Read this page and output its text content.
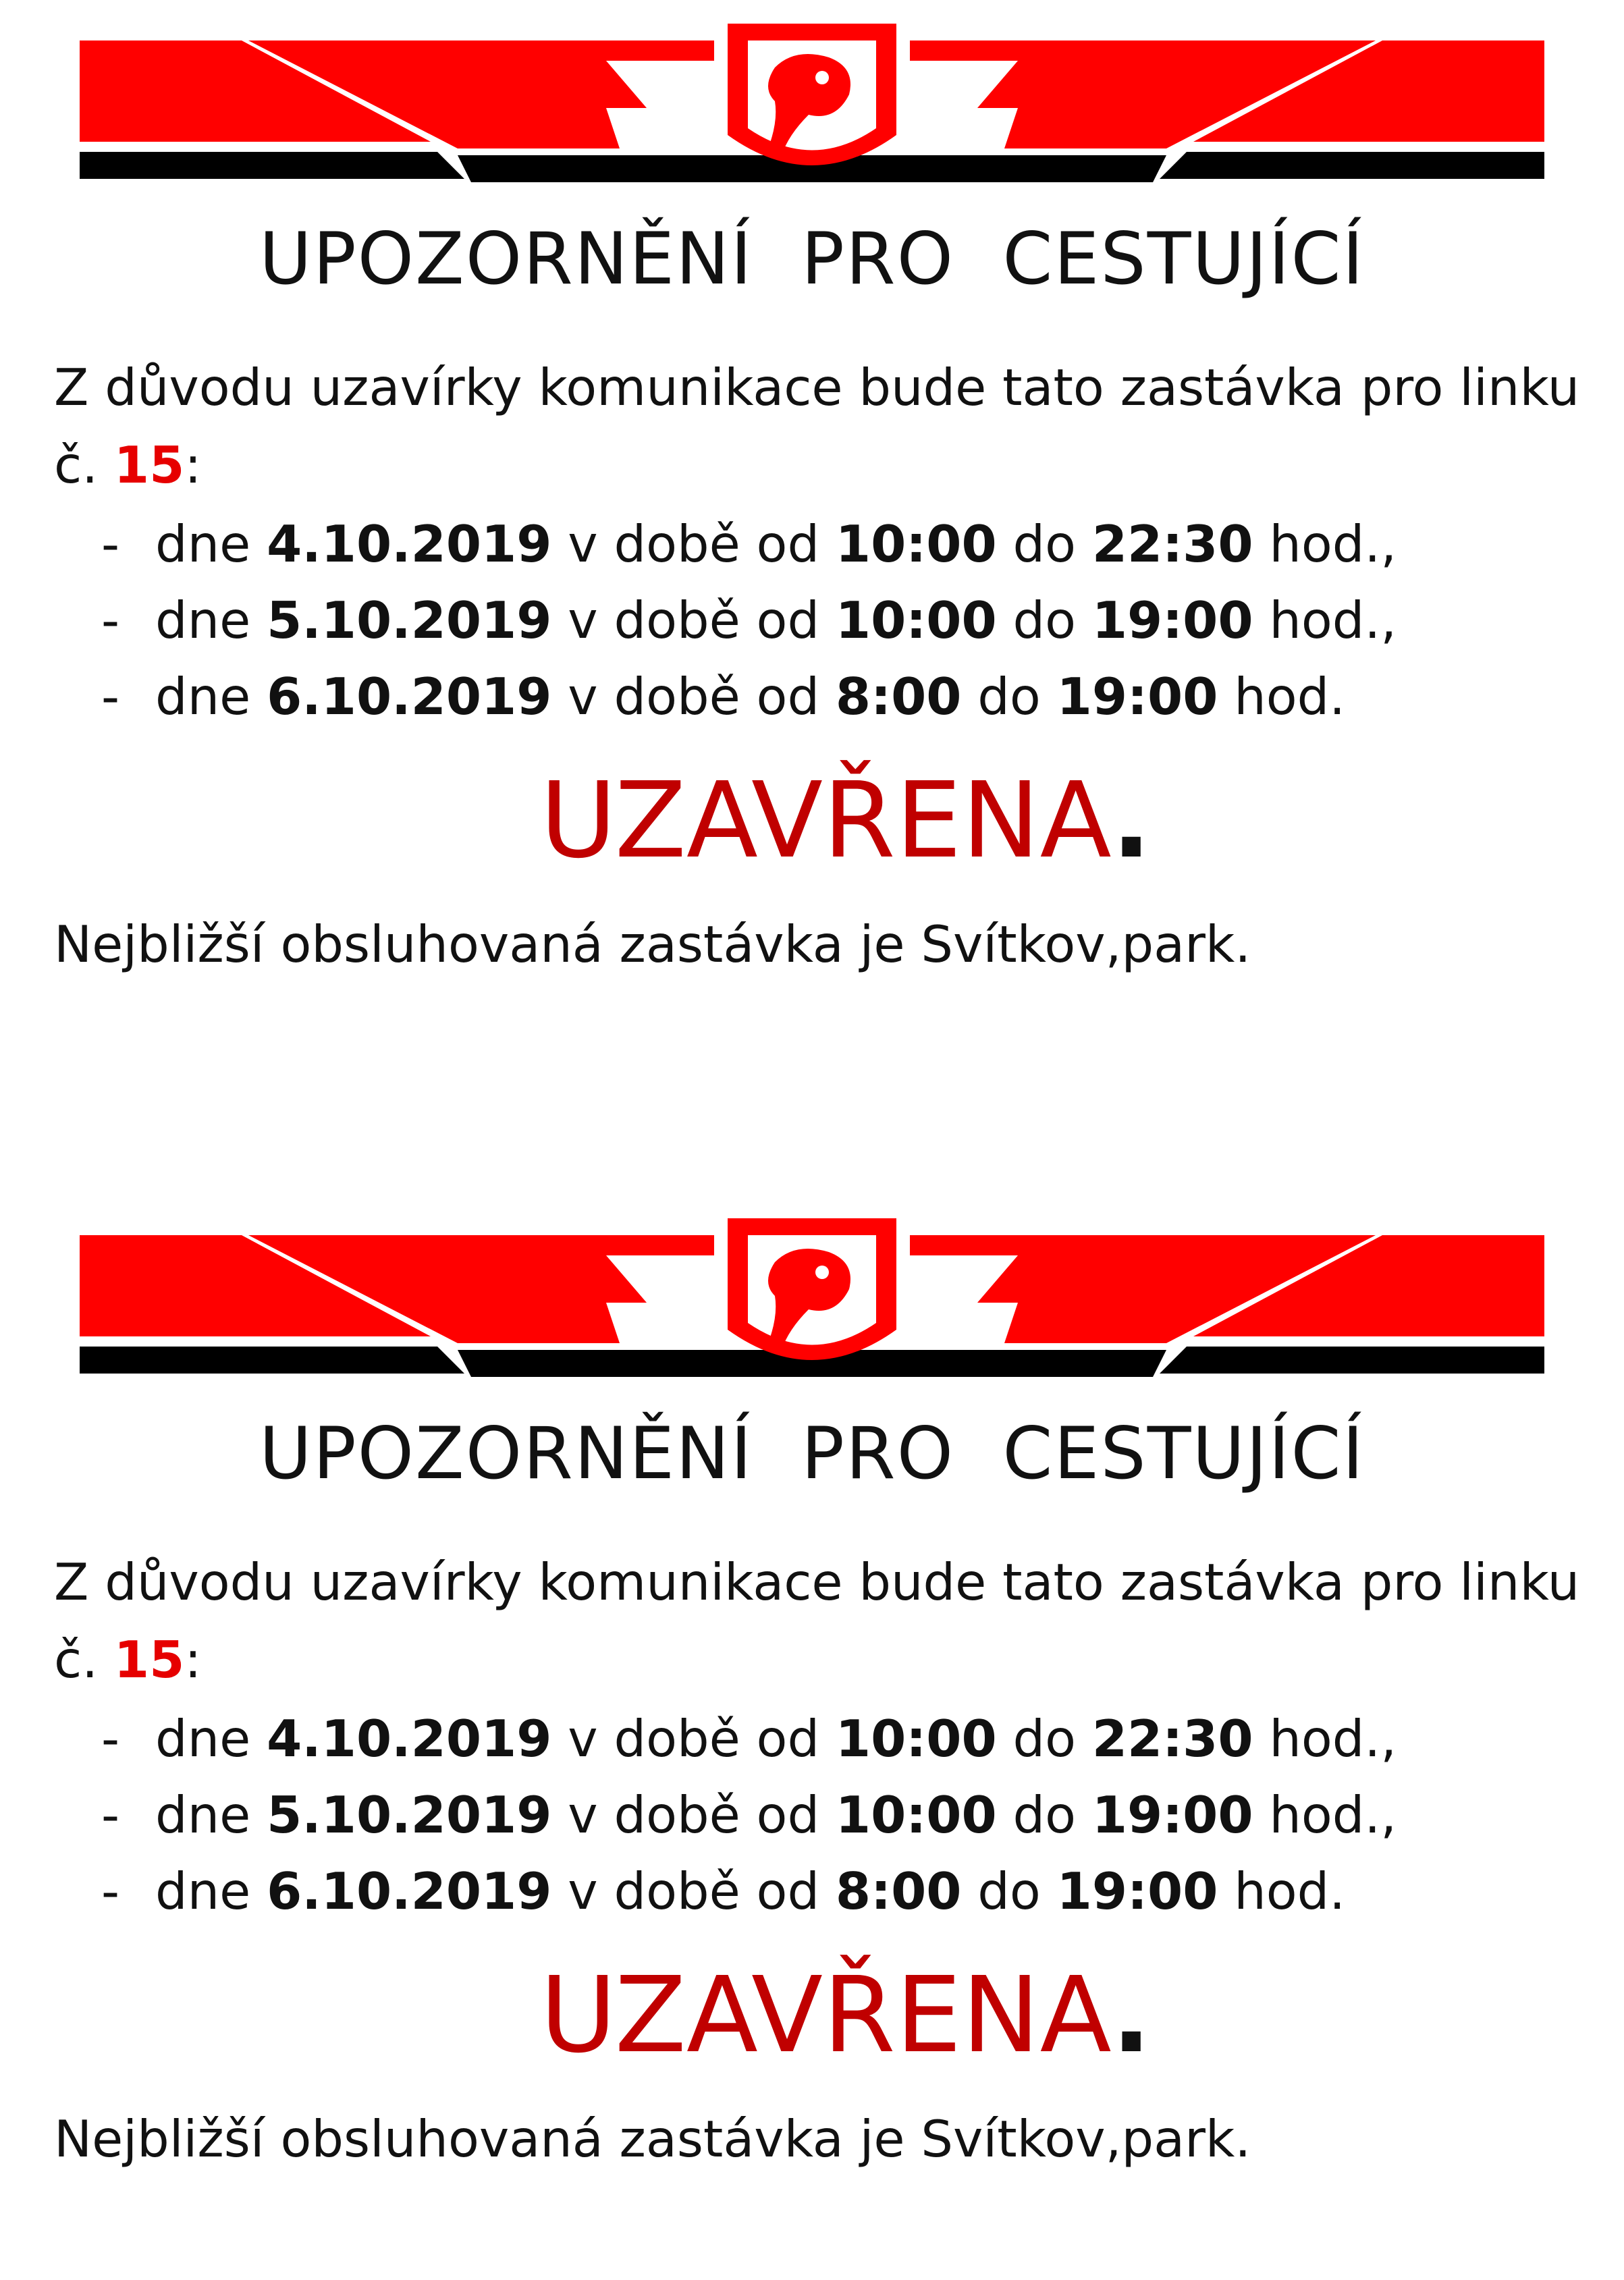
UPOZORNĚNÍ  PRO  CESTUJÍCÍ
Z důvodu uzavírky komunikace bude tato zastávka pro linku
č. 15:
- dne 4.10.2019 v době od 10:00 do 22:30 hod.,
- dne 5.10.2019 v době od 10:00 do 19:00 hod.,
- dne 6.10.2019 v době od 8:00 do 19:00 hod.
UZAVŘENA.
Nejbližší obsluhovaná zastávka je Svítkov,park.
UPOZORNĚNÍ  PRO  CESTUJÍCÍ
Z důvodu uzavírky komunikace bude tato zastávka pro linku
č. 15:
- dne 4.10.2019 v době od 10:00 do 22:30 hod.,
- dne 5.10.2019 v době od 10:00 do 19:00 hod.,
- dne 6.10.2019 v době od 8:00 do 19:00 hod.
UZAVŘENA.
Nejbližší obsluhovaná zastávka je Svítkov,park.
